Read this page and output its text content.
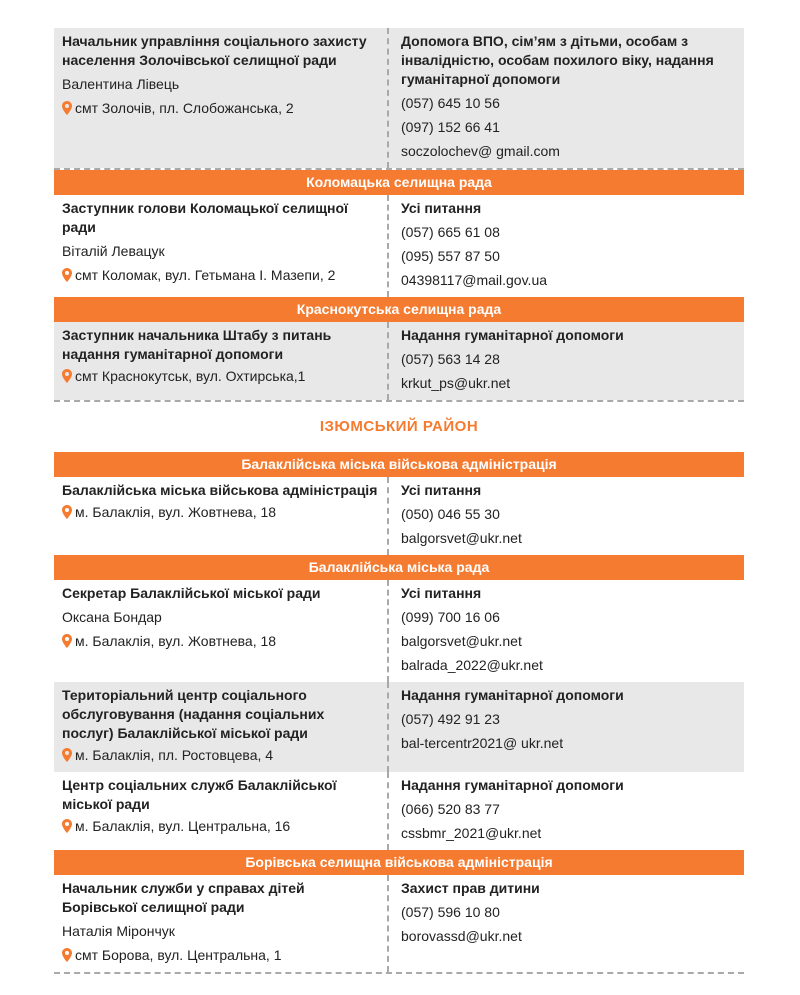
Начальник управління соціального захисту населення Золочівської селищної ради
Валентина Лівець
смт Золочів, пл. Слобожанська, 2
Допомога ВПО, сім’ям з дітьми, особам з інвалідністю, особам похилого віку, надання гуманітарної допомоги
(057) 645 10 56
(097) 152 66 41
soczolochev@ gmail.com
Коломацька селищна рада
Заступник голови Коломацької селищної ради
Віталій Левацук
смт Коломак, вул. Гетьмана І. Мазепи, 2
Усі питання
(057) 665 61 08
(095) 557 87 50
04398117@mail.gov.ua
Краснокутська селищна рада
Заступник начальника Штабу з питань надання гуманітарної допомоги
смт Краснокутськ, вул. Охтирська,1
Надання гуманітарної допомоги
(057) 563 14 28
krkut_ps@ukr.net
ІЗЮМСЬКИЙ РАЙОН
Балаклійська міська військова адміністрація
Балаклійська міська військова адміністрація
м. Балаклія, вул. Жовтнева, 18
Усі питання
(050) 046 55 30
balgorsvet@ukr.net
Балаклійська міська рада
Секретар Балаклійської міської ради
Оксана Бондар
м. Балаклія, вул. Жовтнева, 18
Усі питання
(099) 700 16 06
balgorsvet@ukr.net
balrada_2022@ukr.net
Територіальний центр соціального обслуговування (надання соціальних послуг) Балаклійської міської ради
м. Балаклія, пл. Ростовцева, 4
Надання гуманітарної допомоги
(057) 492 91 23
bal-tercentr2021@ ukr.net
Центр соціальних служб Балаклійської міської ради
м. Балаклія, вул. Центральна, 16
Надання гуманітарної допомоги
(066) 520 83 77
cssbmr_2021@ukr.net
Борівська селищна військова адміністрація
Начальник служби у справах дітей Борівської селищної ради
Наталія Мірончук
смт Борова, вул. Центральна, 1
Захист прав дитини
(057) 596 10 80
borovassd@ukr.net
